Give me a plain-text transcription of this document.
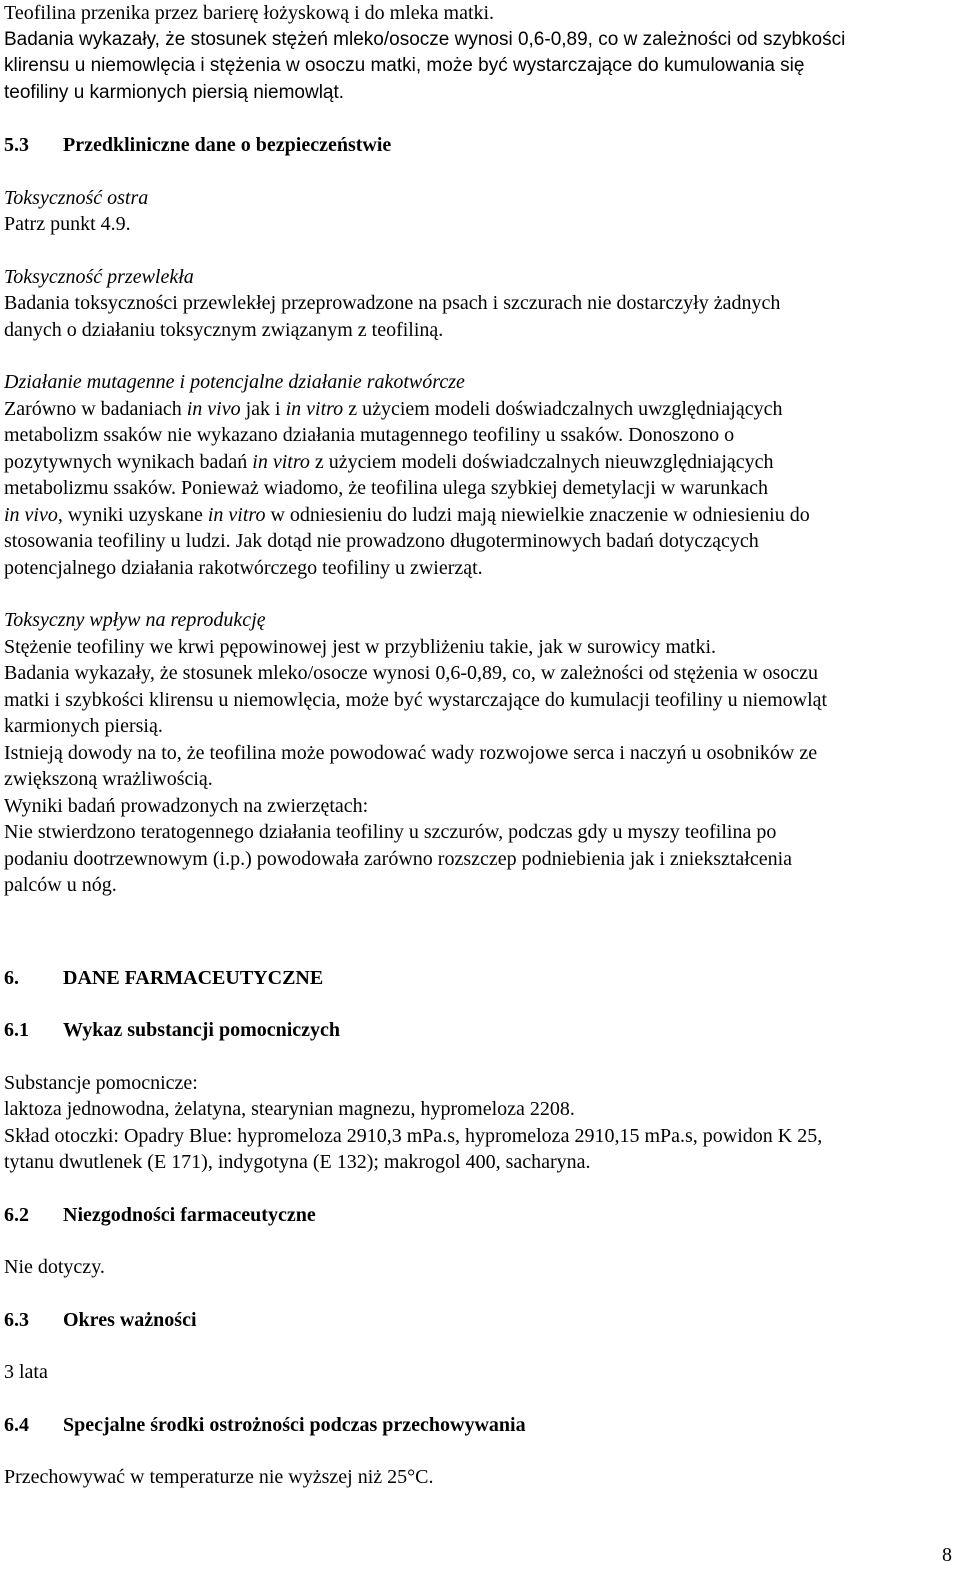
Teofilina przenika przez barierę łożyskową i do mleka matki.
Badania wykazały, że stosunek stężeń mleko/osocze wynosi 0,6-0,89, co w zależności od szybkości
klirensu u niemowlęcia i stężenia w osoczu matki, może być wystarczające do kumulowania się
teofiliny u karmionych piersią niemowląt.
5.3	Przedkliniczne dane o bezpieczeństwie
Toksyczność ostra
Patrz punkt 4.9.
Toksyczność przewlekła
Badania toksyczności przewlekłej przeprowadzone na psach i szczurach nie dostarczyły żadnych
danych o działaniu toksycznym związanym z teofiliną.
Działanie mutagenne i potencjalne działanie rakotwórcze
Zarówno w badaniach in vivo jak i in vitro z użyciem modeli doświadczalnych uwzględniających
metabolizm ssaków nie wykazano działania mutagennego teofiliny u ssaków. Donoszono o
pozytywnych wynikach badań in vitro z użyciem modeli doświadczalnych nieuwzględniających
metabolizmu ssaków. Ponieważ wiadomo, że teofilina ulega szybkiej demetylacji w warunkach
in vivo, wyniki uzyskane in vitro w odniesieniu do ludzi mają niewielkie znaczenie w odniesieniu do
stosowania teofiliny u ludzi. Jak dotąd nie prowadzono długoterminowych badań dotyczących
potencjalnego działania rakotwórczego teofiliny u zwierząt.
Toksyczny wpływ na reprodukcję
Stężenie teofiliny we krwi pępowinowej jest w przybliżeniu takie, jak w surowicy matki.
Badania wykazały, że stosunek mleko/osocze wynosi 0,6-0,89, co, w zależności od stężenia w osoczu
matki i szybkości klirensu u niemowlęcia, może być wystarczające do kumulacji teofiliny u niemowląt
karmionych piersią.
Istnieją dowody na to, że teofilina może powodować wady rozwojowe serca i naczyń u osobników ze
zwiększoną wrażliwością.
Wyniki badań prowadzonych na zwierzętach:
Nie stwierdzono teratogennego działania teofiliny u szczurów, podczas gdy u myszy teofilina po
podaniu dootrzewnowym (i.p.) powodowała zarówno rozszczep podniebienia jak i zniekształcenia
palców u nóg.
6.	DANE FARMACEUTYCZNE
6.1	Wykaz substancji pomocniczych
Substancje pomocnicze:
laktoza jednowodna, żelatyna, stearynian magnezu, hypromeloza 2208.
Skład otoczki: Opadry Blue: hypromeloza 2910,3 mPa.s, hypromeloza 2910,15 mPa.s, powidon K 25,
tytanu dwutlenek (E 171), indygotyna (E 132); makrogol 400, sacharyna.
6.2	Niezgodności farmaceutyczne
Nie dotyczy.
6.3	Okres ważności
3 lata
6.4	Specjalne środki ostrożności podczas przechowywania
Przechowywać w temperaturze nie wyższej niż 25°C.
8
